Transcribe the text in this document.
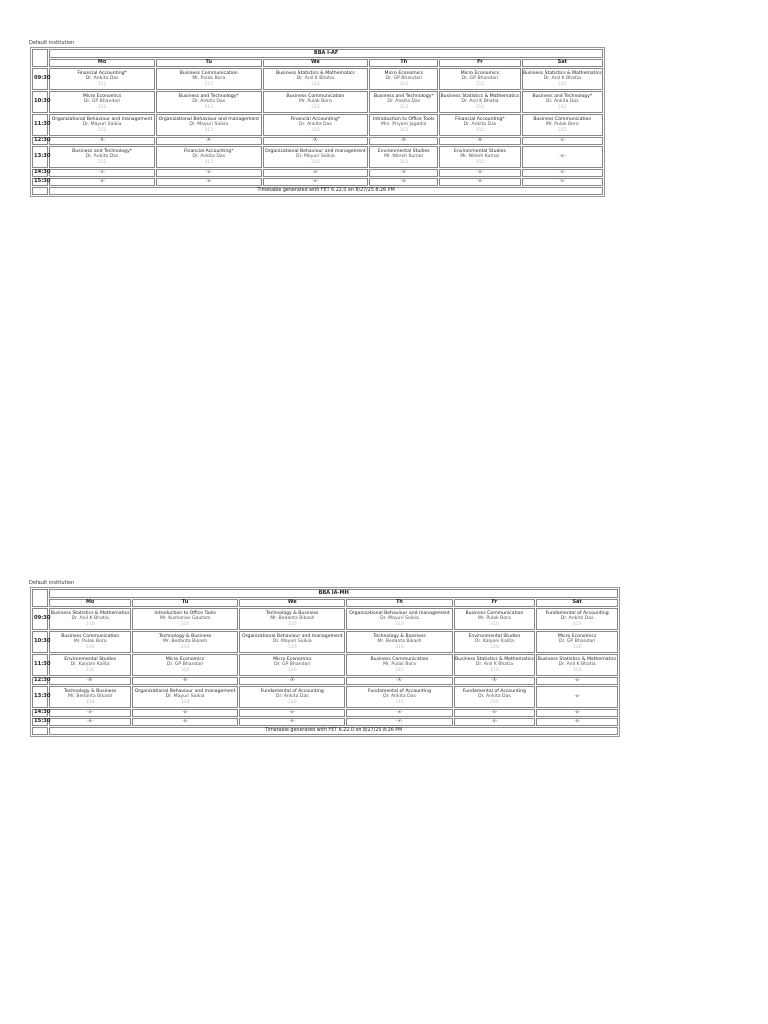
Default institution
	BBA I-AF					
	Mo	Tu	We	Th	Fr	Sat
09:30	Financial Accounting*
Dr. Ankita Das
312	Business Communication
Mr. Pulak Bora
312	Business Statistics & Mathematics
Dr. Anil K Bhatia
312	Micro Economics
Dr. GP Bhandari
312	Micro Economics
Dr. GP Bhandari
312	Business Statistics & Mathematics
Dr. Anil K Bhatia
312

10:30	Micro Economics
Dr. GP Bhandari
312	Business and Technology*
Dr. Ankita Das
312	Business Communication
Mr. Pulak Bora
312	Business and Technology*
Dr. Ankita Das
312	Business Statistics & Mathematics
Dr. Anil K Bhatia
312	Business and Technology*
Dr. Ankita Das
312

11:30	Organizational Behaviour and management
Dr. Mayuri Saikia
312	Organizational Behaviour and management
Dr. Mayuri Saikia
312	Financial Accounting*
Dr. Ankita Das
312	Introduction to Office Tools
Mrs. Priyam Jagadia
312	Financial Accounting*
Dr. Ankita Das
312	Business Communication
Mr. Pulak Bora
312

12:30	-X-	-X-	-X-	-X-	-X-	-x-
13:30	Business and Technology*
Dr. Ankita Das
312	Financial Accounting*
Dr. Ankita Das
312	Organizational Behaviour and management
Dr. Mayuri Saikia
312	Environmental Studies
Mr. Nitesh Kumar
312	Environmental Studies
Mr. Nitesh Kumar
312	-x-
14:30	-x-	-x-	-x-	-x-	-x-	-x-
15:30	-x-	-x-	-x-	-x-	-x-	-x-
	Timetable generated with FET 6.22.0 on 8/27/25 8:26 PM					
Default institution
	BBA IA-MH					
	Mo	Tu	We	Th	Fr	Sat
09:30	Business Statistics & Mathematics
Dr. Anil K Bhatia
310	Introduction to Office Tools
Mr. Kushanav Gautam
310	Technology & Business
Mr. Bedanta Bikash
310	Organizational Behaviour and management
Dr. Mayuri Saikia
310	Business Communication
Mr. Pulak Bora
310	Fundamental of Accounting
Dr. Ankita Das
310

10:30	Business Communication
Mr. Pulak Bora
310	Technology & Business
Mr. Bedanta Bikash
310	Organizational Behaviour and management
Dr. Mayuri Saikia
310	Technology & Business
Mr. Bedanta Bikash
310	Environmental Studies
Dr. Kalyani Kalita
310	Micro Economics
Dr. GP Bhandari
310

11:30	Environmental Studies
Dr. Kalyani Kalita
310	Micro Economics
Dr. GP Bhandari
310	Micro Economics
Dr. GP Bhandari
310	Business Communication
Mr. Pulak Bora
310	Business Statistics & Mathematics
Dr. Anil K Bhatia
310	Business Statistics & Mathematics
Dr. Anil K Bhatia
310

12:30	-X-	-X-	-X-	-X-	-X-	-x-
13:30	Technology & Business
Mr. Bedanta Bikash
310	Organizational Behaviour and management
Dr. Mayuri Saikia
310	Fundamental of Accounting
Dr. Ankita Das
310	Fundamental of Accounting
Dr. Ankita Das
310	Fundamental of Accounting
Dr. Ankita Das
310	-x-
14:30	-x-	-x-	-x-	-x-	-x-	-x-
15:30	-x-	-x-	-x-	-x-	-x-	-x-
	Timetable generated with FET 6.22.0 on 8/27/25 8:26 PM					
